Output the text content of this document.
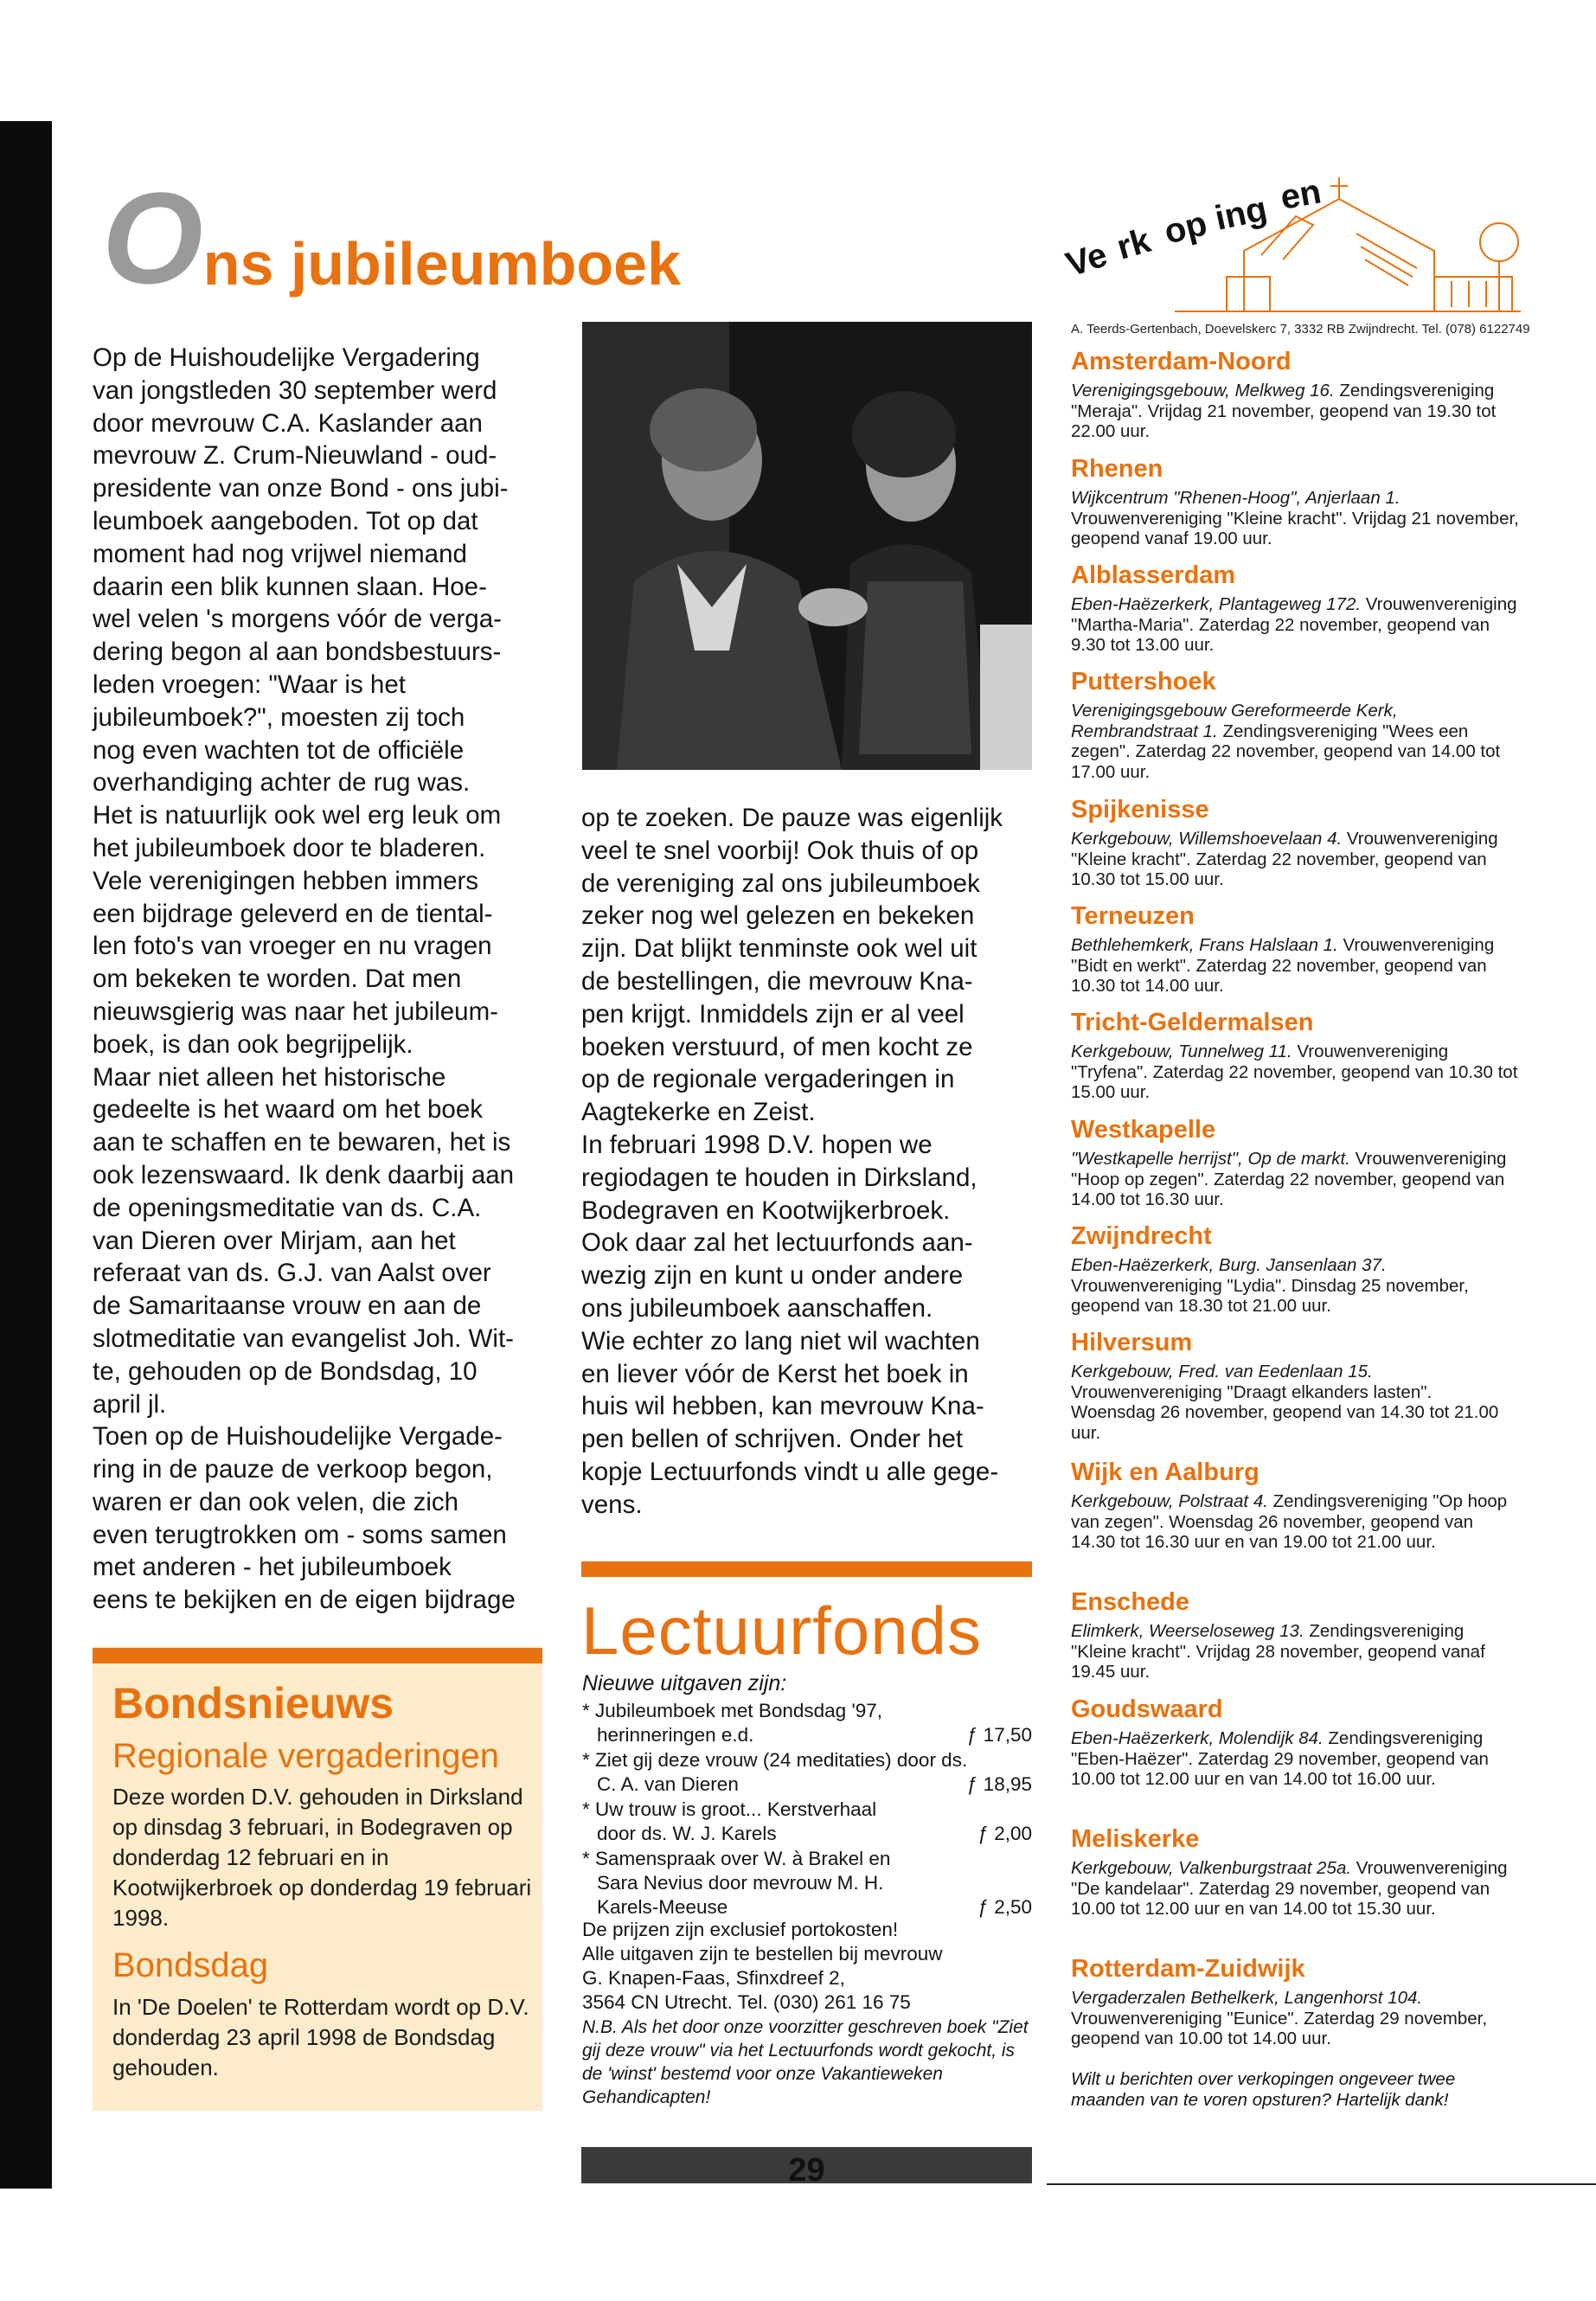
Ons jubileumboek

Op de Huishoudelijke Vergadering

van jongstleden 30 september werd

door mevrouw C.A. Kaslander aan

mevrouw Z. Crum-Nieuwland - oud-

presidente van onze Bond - ons jubi-

leumboek aangeboden. Tot op dat

moment had nog vrijwel niemand

daarin een blik kunnen slaan. Hoe-

wel velen 's morgens vóór de verga-

dering begon al aan bondsbestuurs-

leden vroegen: "Waar is het

jubileumboek?", moesten zij toch

nog even wachten tot de officiële

overhandiging achter de rug was.

Het is natuurlijk ook wel erg leuk om

het jubileumboek door te bladeren.

Vele verenigingen hebben immers

een bijdrage geleverd en de tiental-

len foto's van vroeger en nu vragen

om bekeken te worden. Dat men

nieuwsgierig was naar het jubileum-

boek, is dan ook begrijpelijk.

Maar niet alleen het historische

gedeelte is het waard om het boek

aan te schaffen en te bewaren, het is

ook lezenswaard. Ik denk daarbij aan

de openingsmeditatie van ds. C.A.

van Dieren over Mirjam, aan het

referaat van ds. G.J. van Aalst over

de Samaritaanse vrouw en aan de

slotmeditatie van evangelist Joh. Wit-

te, gehouden op de Bondsdag, 10

april jl.

Toen op de Huishoudelijke Vergade-

ring in de pauze de verkoop begon,

waren er dan ook velen, die zich

even terugtrokken om - soms samen

met anderen - het jubileumboek

eens te bekijken en de eigen bijdrage

op te zoeken. De pauze was eigenlijk

veel te snel voorbij! Ook thuis of op

de vereniging zal ons jubileumboek

zeker nog wel gelezen en bekeken

zijn. Dat blijkt tenminste ook wel uit

de bestellingen, die mevrouw Kna-

pen krijgt. Inmiddels zijn er al veel

boeken verstuurd, of men kocht ze

op de regionale vergaderingen in

Aagtekerke en Zeist.

In februari 1998 D.V. hopen we

regiodagen te houden in Dirksland,

Bodegraven en Kootwijkerbroek.

Ook daar zal het lectuurfonds aan-

wezig zijn en kunt u onder andere

ons jubileumboek aanschaffen.

Wie echter zo lang niet wil wachten

en liever vóór de Kerst het boek in

huis wil hebben, kan mevrouw Kna-

pen bellen of schrijven. Onder het

kopje Lectuurfonds vindt u alle gege-

vens.

Bondsnieuws
Regionale vergaderingen
Deze worden D.V. gehouden in Dirksland op dinsdag 3 februari, in Bodegraven op donderdag 12 februari en in Kootwijkerbroek op donderdag 19 februari 1998.
Bondsdag
In 'De Doelen' te Rotterdam wordt op D.V. donderdag 23 april 1998 de Bondsdag gehouden.
Lectuurfonds
Nieuwe uitgaven zijn:
* Jubileumboek met Bondsdag '97,
herinneringen e.d.	ƒ 17,50
* Ziet gij deze vrouw (24 meditaties) door ds.
C. A. van Dieren	ƒ 18,95
* Uw trouw is groot... Kerstverhaal
door ds. W. J. Karels	ƒ 2,00
* Samenspraak over W. à Brakel en
Sara Nevius door mevrouw M. H.
Karels-Meeuse	ƒ 2,50
De prijzen zijn exclusief portokosten!
Alle uitgaven zijn te bestellen bij mevrouw
G. Knapen-Faas, Sfinxdreef 2,
3564 CN Utrecht. Tel. (030) 261 16 75
N.B. Als het door onze voorzitter geschreven boek "Ziet gij deze vrouw" via het Lectuurfonds wordt gekocht, is de 'winst' bestemd voor onze Vakantieweken Gehandicapten!
29
Ve rk op ing en
A. Teerds-Gertenbach, Doevelskerc 7, 3332 RB Zwijndrecht. Tel. (078) 6122749
Amsterdam-Noord
Verenigingsgebouw, Melkweg 16. Zendingsvereniging "Meraja". Vrijdag 21 november, geopend van 19.30 tot 22.00 uur.
Rhenen
Wijkcentrum "Rhenen-Hoog", Anjerlaan 1. Vrouwenvereniging "Kleine kracht". Vrijdag 21 november, geopend vanaf 19.00 uur.
Alblasserdam
Eben-Haëzerkerk, Plantageweg 172. Vrouwenvereniging "Martha-Maria". Zaterdag 22 november, geopend van 9.30 tot 13.00 uur.
Puttershoek
Verenigingsgebouw Gereformeerde Kerk, Rembrandstraat 1. Zendingsvereniging "Wees een zegen". Zaterdag 22 november, geopend van 14.00 tot 17.00 uur.
Spijkenisse
Kerkgebouw, Willemshoevelaan 4. Vrouwenvereniging "Kleine kracht". Zaterdag 22 november, geopend van 10.30 tot 15.00 uur.
Terneuzen
Bethlehemkerk, Frans Halslaan 1. Vrouwenvereniging "Bidt en werkt". Zaterdag 22 november, geopend van 10.30 tot 14.00 uur.
Tricht-Geldermalsen
Kerkgebouw, Tunnelweg 11. Vrouwenvereniging "Tryfena". Zaterdag 22 november, geopend van 10.30 tot 15.00 uur.
Westkapelle
"Westkapelle herrijst", Op de markt. Vrouwenvereniging "Hoop op zegen". Zaterdag 22 november, geopend van 14.00 tot 16.30 uur.
Zwijndrecht
Eben-Haëzerkerk, Burg. Jansenlaan 37. Vrouwenvereniging "Lydia". Dinsdag 25 november, geopend van 18.30 tot 21.00 uur.
Hilversum
Kerkgebouw, Fred. van Eedenlaan 15. Vrouwenvereniging "Draagt elkanders lasten". Woensdag 26 november, geopend van 14.30 tot 21.00 uur.
Wijk en Aalburg
Kerkgebouw, Polstraat 4. Zendingsvereniging "Op hoop van zegen". Woensdag 26 november, geopend van 14.30 tot 16.30 uur en van 19.00 tot 21.00 uur.
Enschede
Elimkerk, Weerseloseweg 13. Zendingsvereniging "Kleine kracht". Vrijdag 28 november, geopend vanaf 19.45 uur.
Goudswaard
Eben-Haëzerkerk, Molendijk 84. Zendingsvereniging "Eben-Haëzer". Zaterdag 29 november, geopend van 10.00 tot 12.00 uur en van 14.00 tot 16.00 uur.
Meliskerke
Kerkgebouw, Valkenburgstraat 25a. Vrouwenvereniging "De kandelaar". Zaterdag 29 november, geopend van 10.00 tot 12.00 uur en van 14.00 tot 15.30 uur.
Rotterdam-Zuidwijk
Vergaderzalen Bethelkerk, Langenhorst 104. Vrouwenvereniging "Eunice". Zaterdag 29 november, geopend van 10.00 tot 14.00 uur.
Wilt u berichten over verkopingen ongeveer twee maanden van te voren opsturen? Hartelijk dank!
